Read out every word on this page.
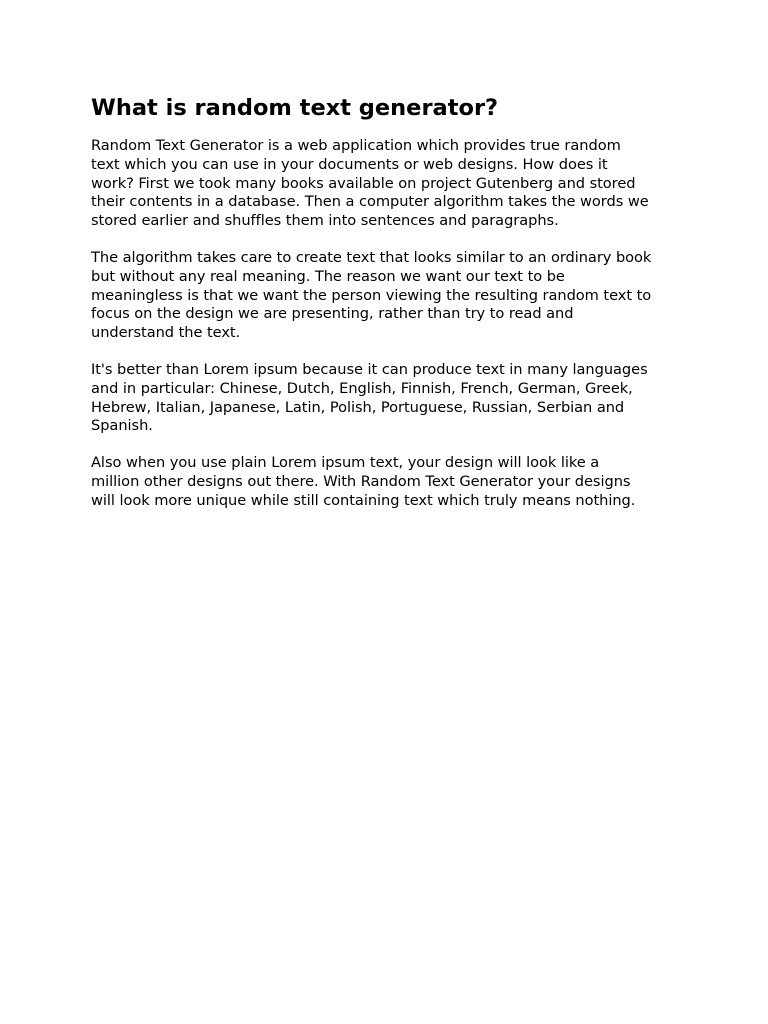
What is random text generator?

Random Text Generator is a web application which provides true random
text which you can use in your documents or web designs. How does it
work? First we took many books available on project Gutenberg and stored
their contents in a database. Then a computer algorithm takes the words we
stored earlier and shuffles them into sentences and paragraphs.

The algorithm takes care to create text that looks similar to an ordinary book
but without any real meaning. The reason we want our text to be
meaningless is that we want the person viewing the resulting random text to
focus on the design we are presenting, rather than try to read and
understand the text.

It's better than Lorem ipsum because it can produce text in many languages
and in particular: Chinese, Dutch, English, Finnish, French, German, Greek,
Hebrew, Italian, Japanese, Latin, Polish, Portuguese, Russian, Serbian and
Spanish.

Also when you use plain Lorem ipsum text, your design will look like a
million other designs out there. With Random Text Generator your designs
will look more unique while still containing text which truly means nothing.
